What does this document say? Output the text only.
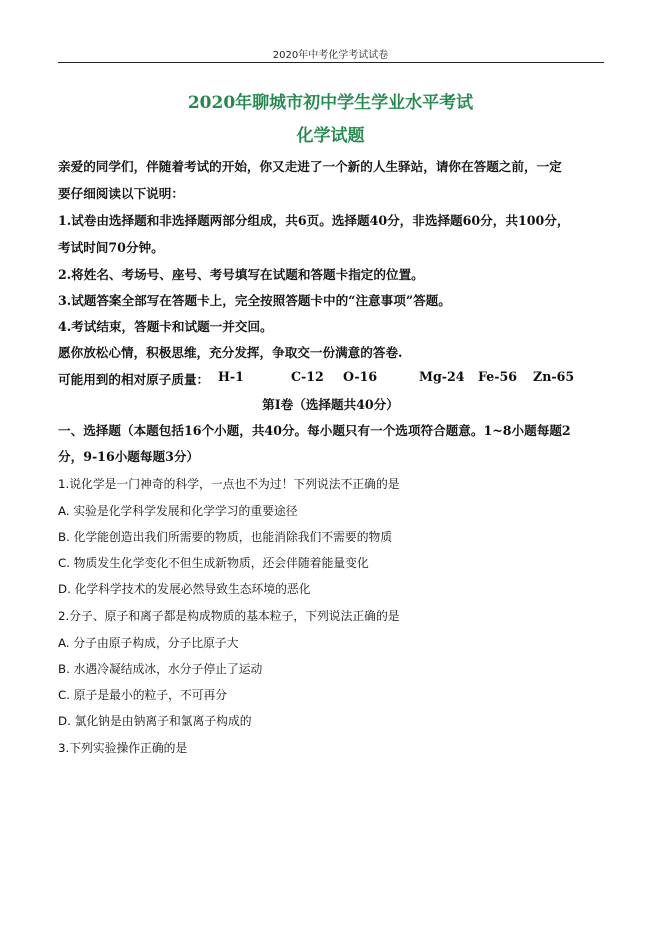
2020年中考化学考试试卷
2020年聊城市初中学生学业水平考试
化学试题
亲爱的同学们，伴随着考试的开始，你又走进了一个新的人生驿站，请你在答题之前，一定
要仔细阅读以下说明：
1.试卷由选择题和非选择题两部分组成，共6页。选择题40分，非选择题60分，共100分，
考试时间70分钟。
2.将姓名、考场号、座号、考号填写在试题和答题卡指定的位置。
3.试题答案全部写在答题卡上，完全按照答题卡中的“注意事项”答题。
4.考试结束，答题卡和试题一并交回。
愿你放松心情，积极思维，充分发挥，争取交一份满意的答卷.
可能用到的相对原子质量： H-1	C-12 O-16	Mg-24 Fe-56 Zn-65
第Ⅰ卷（选择题共40分）
一、选择题（本题包括16个小题，共40分。每小题只有一个选项符合题意。1~8小题每题2
分，9-16小题每题3分）
1.说化学是一门神奇的科学，一点也不为过！下列说法不正确的是
A. 实验是化学科学发展和化学学习的重要途径
B. 化学能创造出我们所需要的物质，也能消除我们不需要的物质
C. 物质发生化学变化不但生成新物质，还会伴随着能量变化
D. 化学科学技术的发展必然导致生态环境的恶化
2.分子、原子和离子都是构成物质的基本粒子，下列说法正确的是
A. 分子由原子构成，分子比原子大
B. 水遇冷凝结成冰，水分子停止了运动
C. 原子是最小的粒子，不可再分
D. 氯化钠是由钠离子和氯离子构成的
3.下列实验操作正确的是
